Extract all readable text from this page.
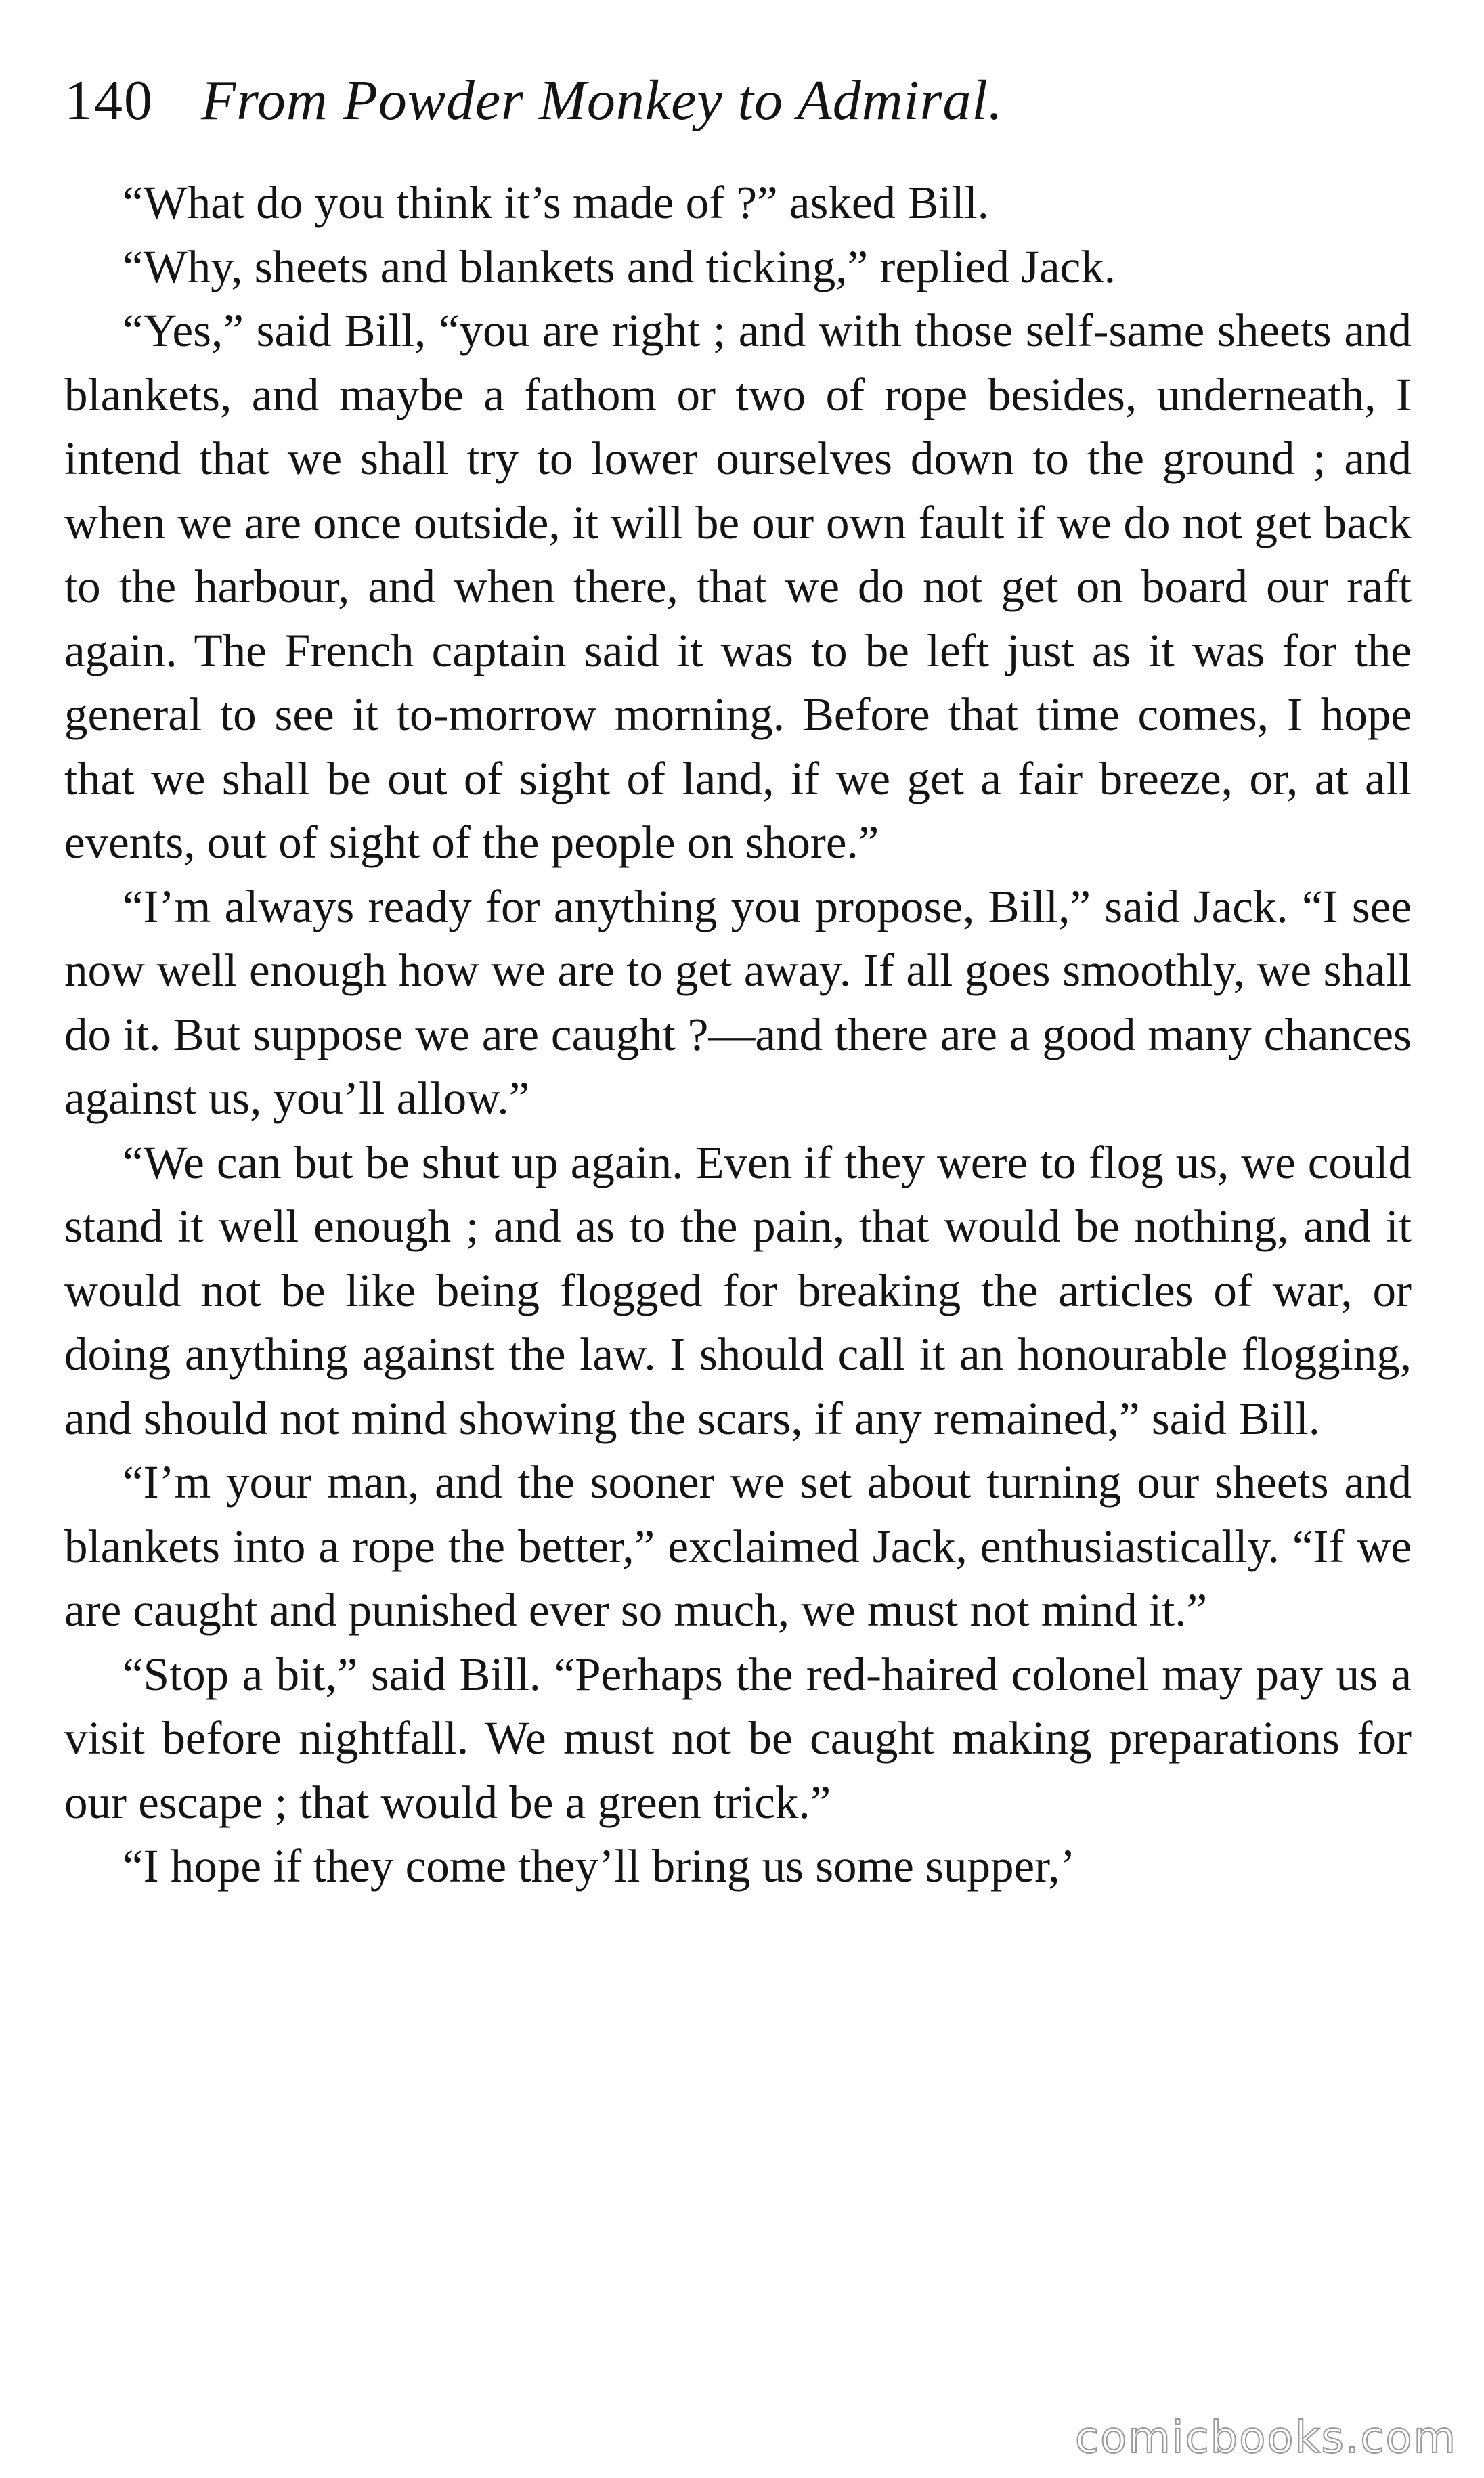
140 From Powder Monkey to Admiral.

“What do you think it’s made of ?” asked Bill.

“Why, sheets and blankets and ticking,” replied Jack.

“Yes,” said Bill, “you are right ; and with those self-same sheets and blankets, and maybe a fathom or two of rope besides, underneath, I intend that we shall try to lower ourselves down to the ground ; and when we are once outside, it will be our own fault if we do not get back to the harbour, and when there, that we do not get on board our raft again. The French captain said it was to be left just as it was for the general to see it to-morrow morning. Before that time comes, I hope that we shall be out of sight of land, if we get a fair breeze, or, at all events, out of sight of the people on shore.”

“I’m always ready for anything you propose, Bill,” said Jack. “I see now well enough how we are to get away. If all goes smoothly, we shall do it. But suppose we are caught ?—and there are a good many chances against us, you’ll allow.”

“We can but be shut up again. Even if they were to flog us, we could stand it well enough ; and as to the pain, that would be nothing, and it would not be like being flogged for breaking the articles of war, or doing anything against the law. I should call it an honourable flogging, and should not mind showing the scars, if any remained,” said Bill.

“I’m your man, and the sooner we set about turning our sheets and blankets into a rope the better,” exclaimed Jack, enthusiastically. “If we are caught and punished ever so much, we must not mind it.”

“Stop a bit,” said Bill. “Perhaps the red-haired colonel may pay us a visit before nightfall. We must not be caught making preparations for our escape ; that would be a green trick.”

“I hope if they come they’ll bring us some supper,’

comicbooks.com
